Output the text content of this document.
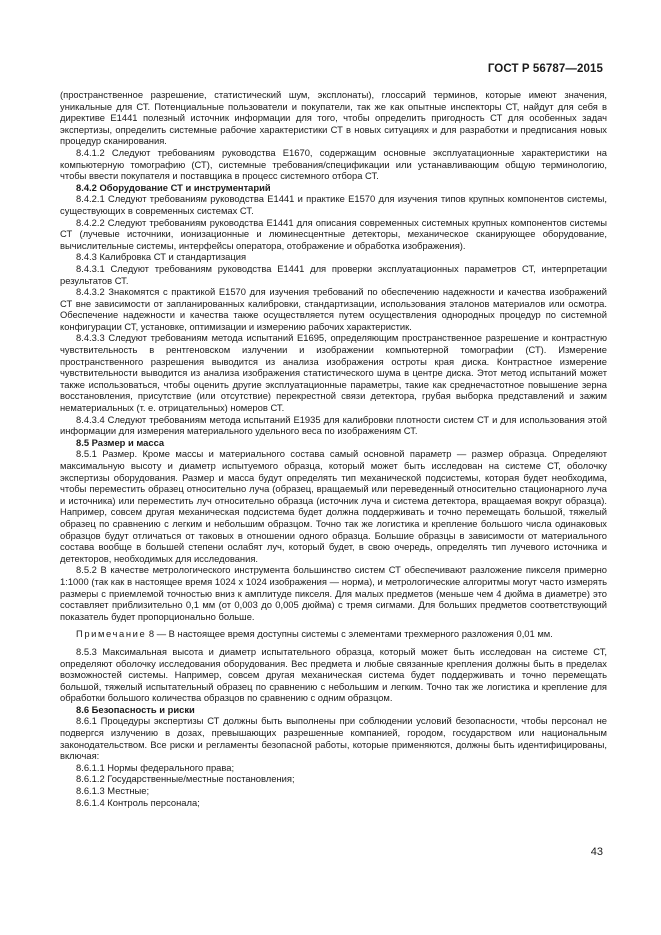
ГОСТ Р 56787—2015

(пространственное разрешение, статистический шум, эксплонаты), глоссарий терминов, которые имеют значения, уникальные для СТ. Потенциальные пользователи и покупатели, так же как опытные инспекторы СТ, найдут для себя в директиве Е1441 полезный источник информации для того, чтобы определить пригодность СТ для особенных задач экспертизы, определить системные рабочие характеристики СТ в новых ситуациях и для разработки и предписания новых процедур сканирования.

8.4.1.2 Следуют требованиям руководства Е1670, содержащим основные эксплуатационные характеристики на компьютерную томографию (СТ), системные требования/спецификации или устанавливающим общую терминологию, чтобы ввести покупателя и поставщика в процесс системного отбора СТ.

8.4.2 Оборудование СТ и инструментарий

8.4.2.1 Следуют требованиям руководства Е1441 и практике Е1570 для изучения типов крупных компонентов системы, существующих в современных системах СТ.

8.4.2.2 Следуют требованиям руководства Е1441 для описания современных системных крупных компонентов системы СТ (лучевые источники, ионизационные и люминесцентные детекторы, механическое сканирующее оборудование, вычислительные системы, интерфейсы оператора, отображение и обработка изображения).

8.4.3 Калибровка СТ и стандартизация

8.4.3.1 Следуют требованиям руководства Е1441 для проверки эксплуатационных параметров СТ, интерпретации результатов СТ.

8.4.3.2 Знакомятся с практикой Е1570 для изучения требований по обеспечению надежности и качества изображений СТ вне зависимости от запланированных калибровки, стандартизации, использования эталонов материалов или осмотра. Обеспечение надежности и качества также осуществляется путем осуществления однородных процедур по системной конфигурации СТ, установке, оптимизации и измерению рабочих характеристик.

8.4.3.3 Следуют требованиям метода испытаний Е1695, определяющим пространственное разрешение и контрастную чувствительность в рентгеновском излучении и изображении компьютерной томографии (СТ). Измерение пространственного разрешения выводится из анализа изображения остроты края диска. Контрастное измерение чувствительности выводится из анализа изображения статистического шума в центре диска. Этот метод испытаний может также использоваться, чтобы оценить другие эксплуатационные параметры, такие как среднечастотное повышение зерна восстановления, присутствие (или отсутствие) перекрестной связи детектора, грубая выборка представлений и зажим нематериальных (т. е. отрицательных) номеров СТ.

8.4.3.4 Следуют требованиям метода испытаний Е1935 для калибровки плотности систем СТ и для использования этой информации для измерения материального удельного веса по изображениям СТ.

8.5 Размер и масса

8.5.1 Размер. Кроме массы и материального состава самый основной параметр — размер образца. Определяют максимальную высоту и диаметр испытуемого образца, который может быть исследован на системе СТ, оболочку экспертизы оборудования. Размер и масса будут определять тип механической подсистемы, которая будет необходима, чтобы переместить образец относительно луча (образец, вращаемый или переведенный относительно стационарного луча и источника) или переместить луч относительно образца (источник луча и система детектора, вращаемая вокруг образца). Например, совсем другая механическая подсистема будет должна поддерживать и точно перемещать большой, тяжелый образец по сравнению с легким и небольшим образцом. Точно так же логистика и крепление большого числа одинаковых образцов будут отличаться от таковых в отношении одного образца. Большие образцы в зависимости от материального состава вообще в большей степени ослабят луч, который будет, в свою очередь, определять тип лучевого источника и детекторов, необходимых для исследования.

8.5.2 В качестве метрологического инструмента большинство систем СТ обеспечивают разложение пикселя примерно 1:1000 (так как в настоящее время 1024 х 1024 изображения — норма), и метрологические алгоритмы могут часто измерять размеры с приемлемой точностью вниз к амплитуде пикселя. Для малых предметов (меньше чем 4 дюйма в диаметре) это составляет приблизительно 0,1 мм (от 0,003 до 0,005 дюйма) с тремя сигмами. Для больших предметов соответствующий показатель будет пропорционально больше.

Примечание 8 — В настоящее время доступны системы с элементами трехмерного разложения 0,01 мм.

8.5.3 Максимальная высота и диаметр испытательного образца, который может быть исследован на системе СТ, определяют оболочку исследования оборудования. Вес предмета и любые связанные крепления должны быть в пределах возможностей системы. Например, совсем другая механическая система будет поддерживать и точно перемещать большой, тяжелый испытательный образец по сравнению с небольшим и легким. Точно так же логистика и крепление для обработки большого количества образцов по сравнению с одним образцом.

8.6 Безопасность и риски

8.6.1 Процедуры экспертизы СТ должны быть выполнены при соблюдении условий безопасности, чтобы персонал не подвергся излучению в дозах, превышающих разрешенные компанией, городом, государством или национальным законодательством. Все риски и регламенты безопасной работы, которые применяются, должны быть идентифицированы, включая:

8.6.1.1 Нормы федерального права;

8.6.1.2 Государственные/местные постановления;

8.6.1.3 Местные;

8.6.1.4 Контроль персонала;

43
